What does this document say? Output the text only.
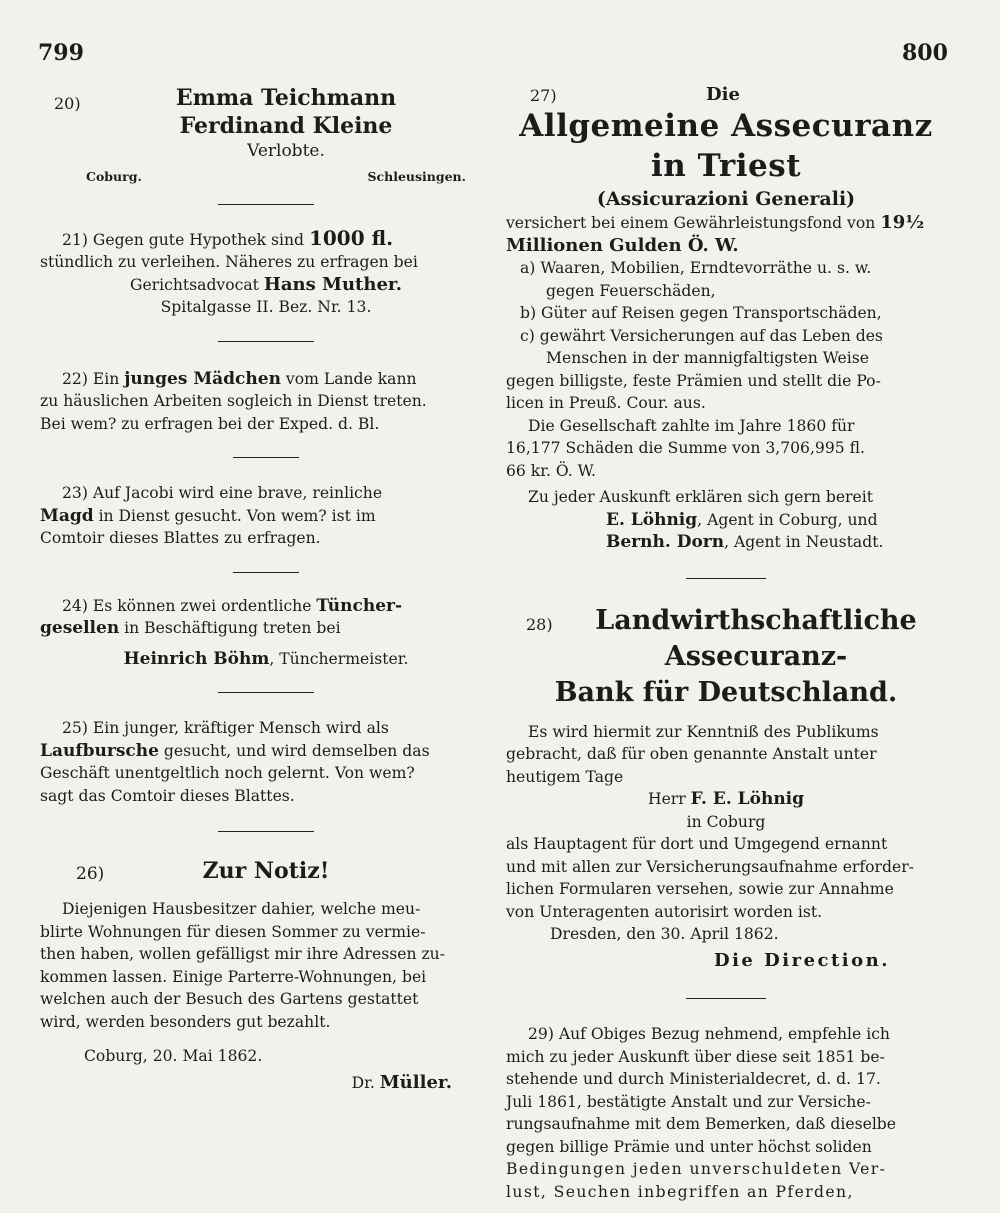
799	800
20)	Emma Teichmann
Ferdinand Kleine

Verlobte.

Coburg.	Schleusingen.

21) Gegen gute Hypothek sind 1000 fl.

stündlich zu verleihen. Näheres zu erfragen bei

Gerichtsadvocat Hans Muther.

Spitalgasse II. Bez. Nr. 13.

22) Ein junges Mädchen vom Lande kann

zu häuslichen Arbeiten sogleich in Dienst treten.

Bei wem? zu erfragen bei der Exped. d. Bl.

23) Auf Jacobi wird eine brave, reinliche

Magd in Dienst gesucht. Von wem? ist im

Comtoir dieses Blattes zu erfragen.

24) Es können zwei ordentliche Tüncher-

gesellen in Beschäftigung treten bei

Heinrich Böhm, Tünchermeister.

25) Ein junger, kräftiger Mensch wird als

Laufbursche gesucht, und wird demselben das

Geschäft unentgeltlich noch gelernt. Von wem?

sagt das Comtoir dieses Blattes.

26)	Zur Notiz!

Diejenigen Hausbesitzer dahier, welche meu-

blirte Wohnungen für diesen Sommer zu vermie-

then haben, wollen gefälligst mir ihre Adressen zu-

kommen lassen. Einige Parterre-Wohnungen, bei

welchen auch der Besuch des Gartens gestattet

wird, werden besonders gut bezahlt.

Coburg, 20. Mai 1862.

Dr. Müller.

27)	Die
Allgemeine Assecuranz in Triest
(Assicurazioni Generali)

versichert bei einem Gewährleistungsfond von 19½

Millionen Gulden Ö. W.

a) Waaren, Mobilien, Erndtevorräthe u. s. w.

gegen Feuerschäden,

b) Güter auf Reisen gegen Transportschäden,

c) gewährt Versicherungen auf das Leben des

Menschen in der mannigfaltigsten Weise

gegen billigste, feste Prämien und stellt die Po-

licen in Preuß. Cour. aus.

Die Gesellschaft zahlte im Jahre 1860 für

16,177 Schäden die Summe von 3,706,995 fl.

66 kr. Ö. W.

Zu jeder Auskunft erklären sich gern bereit

E. Löhnig, Agent in Coburg, und

Bernh. Dorn, Agent in Neustadt.

28)	Landwirthschaftliche Assecuranz-
Bank für Deutschland.

Es wird hiermit zur Kenntniß des Publikums

gebracht, daß für oben genannte Anstalt unter

heutigem Tage

Herr F. E. Löhnig

in Coburg

als Hauptagent für dort und Umgegend ernannt

und mit allen zur Versicherungsaufnahme erforder-

lichen Formularen versehen, sowie zur Annahme

von Unteragenten autorisirt worden ist.

Dresden, den 30. April 1862.

Die Direction.

29) Auf Obiges Bezug nehmend, empfehle ich

mich zu jeder Auskunft über diese seit 1851 be-

stehende und durch Ministerialdecret, d. d. 17.

Juli 1861, bestätigte Anstalt und zur Versiche-

rungsaufnahme mit dem Bemerken, daß dieselbe

gegen billige Prämie und unter höchst soliden

Bedingungen jeden unverschuldeten Ver-

lust, Seuchen inbegriffen an Pferden,
